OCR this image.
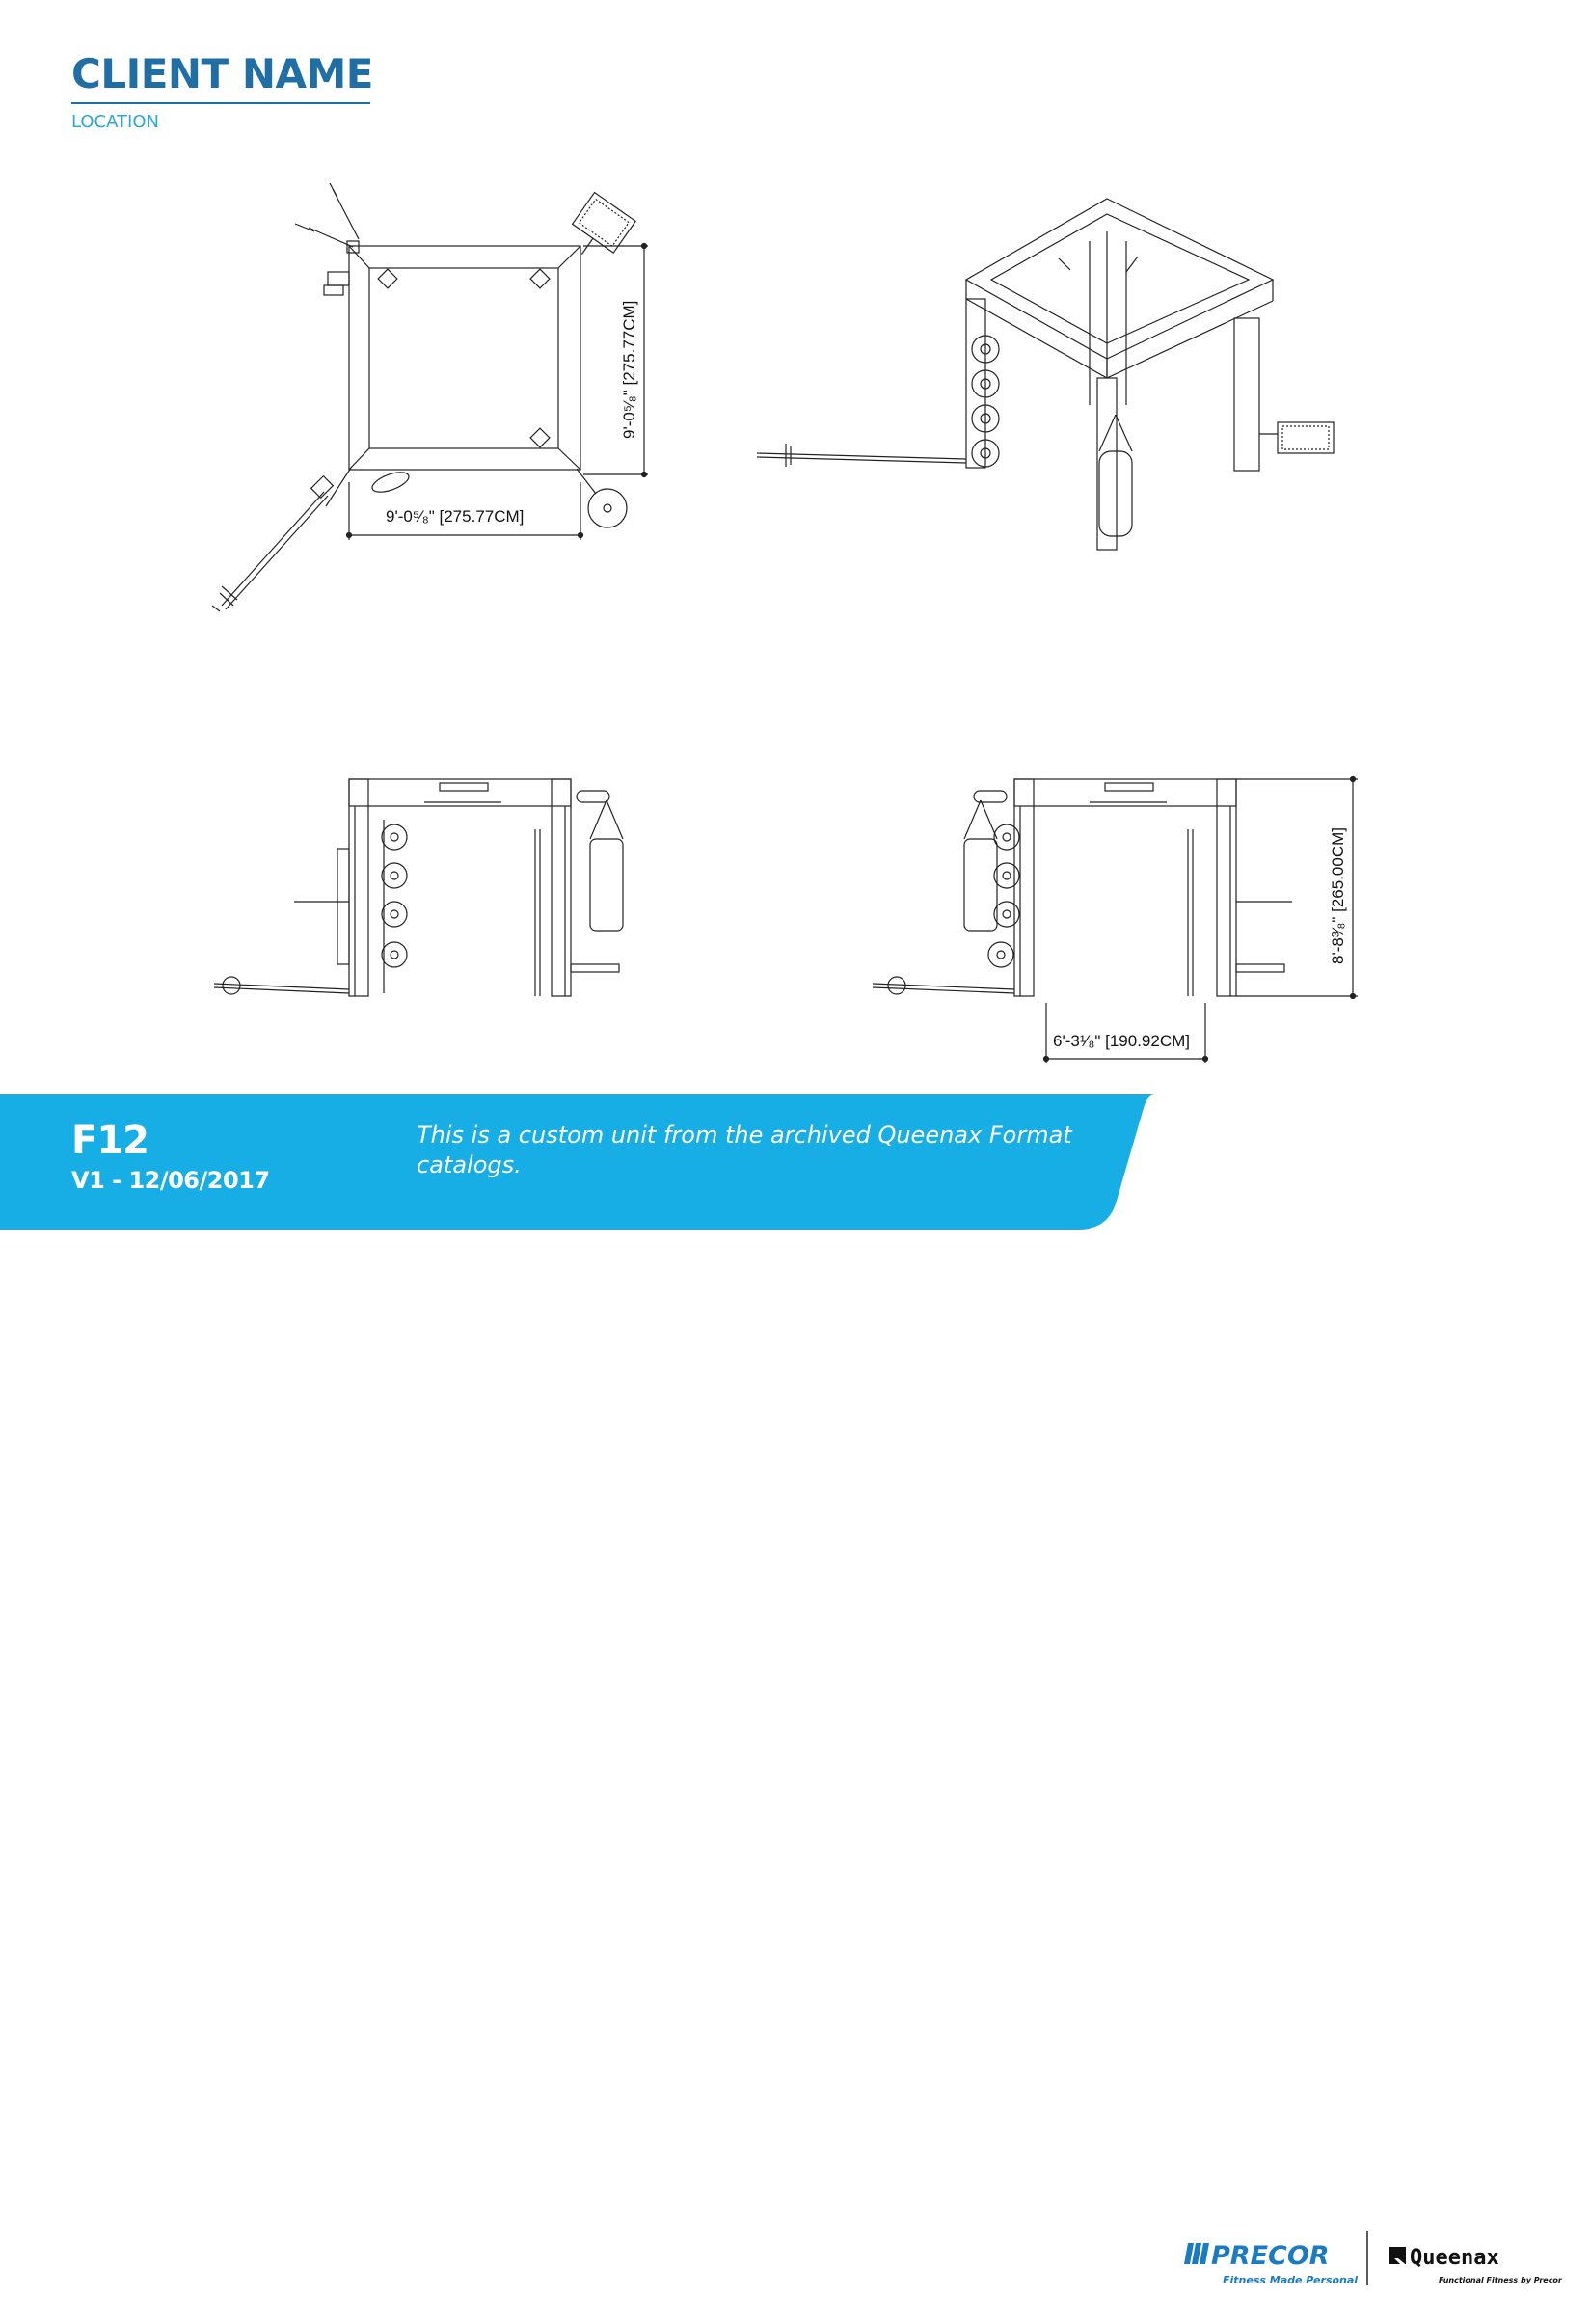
CLIENT NAME
LOCATION
9'-0⁵⁄₈" [275.77CM]
9'-0⁵⁄₈" [275.77CM]
8'-8³⁄₈" [265.00CM]
6'-3¹⁄₈" [190.92CM]
PRECOR
Fitness Made Personal
Queenax
Functional Fitness by Precor
F12
V1 - 12/06/2017
This is a custom unit from the archived Queenax Format catalogs.
